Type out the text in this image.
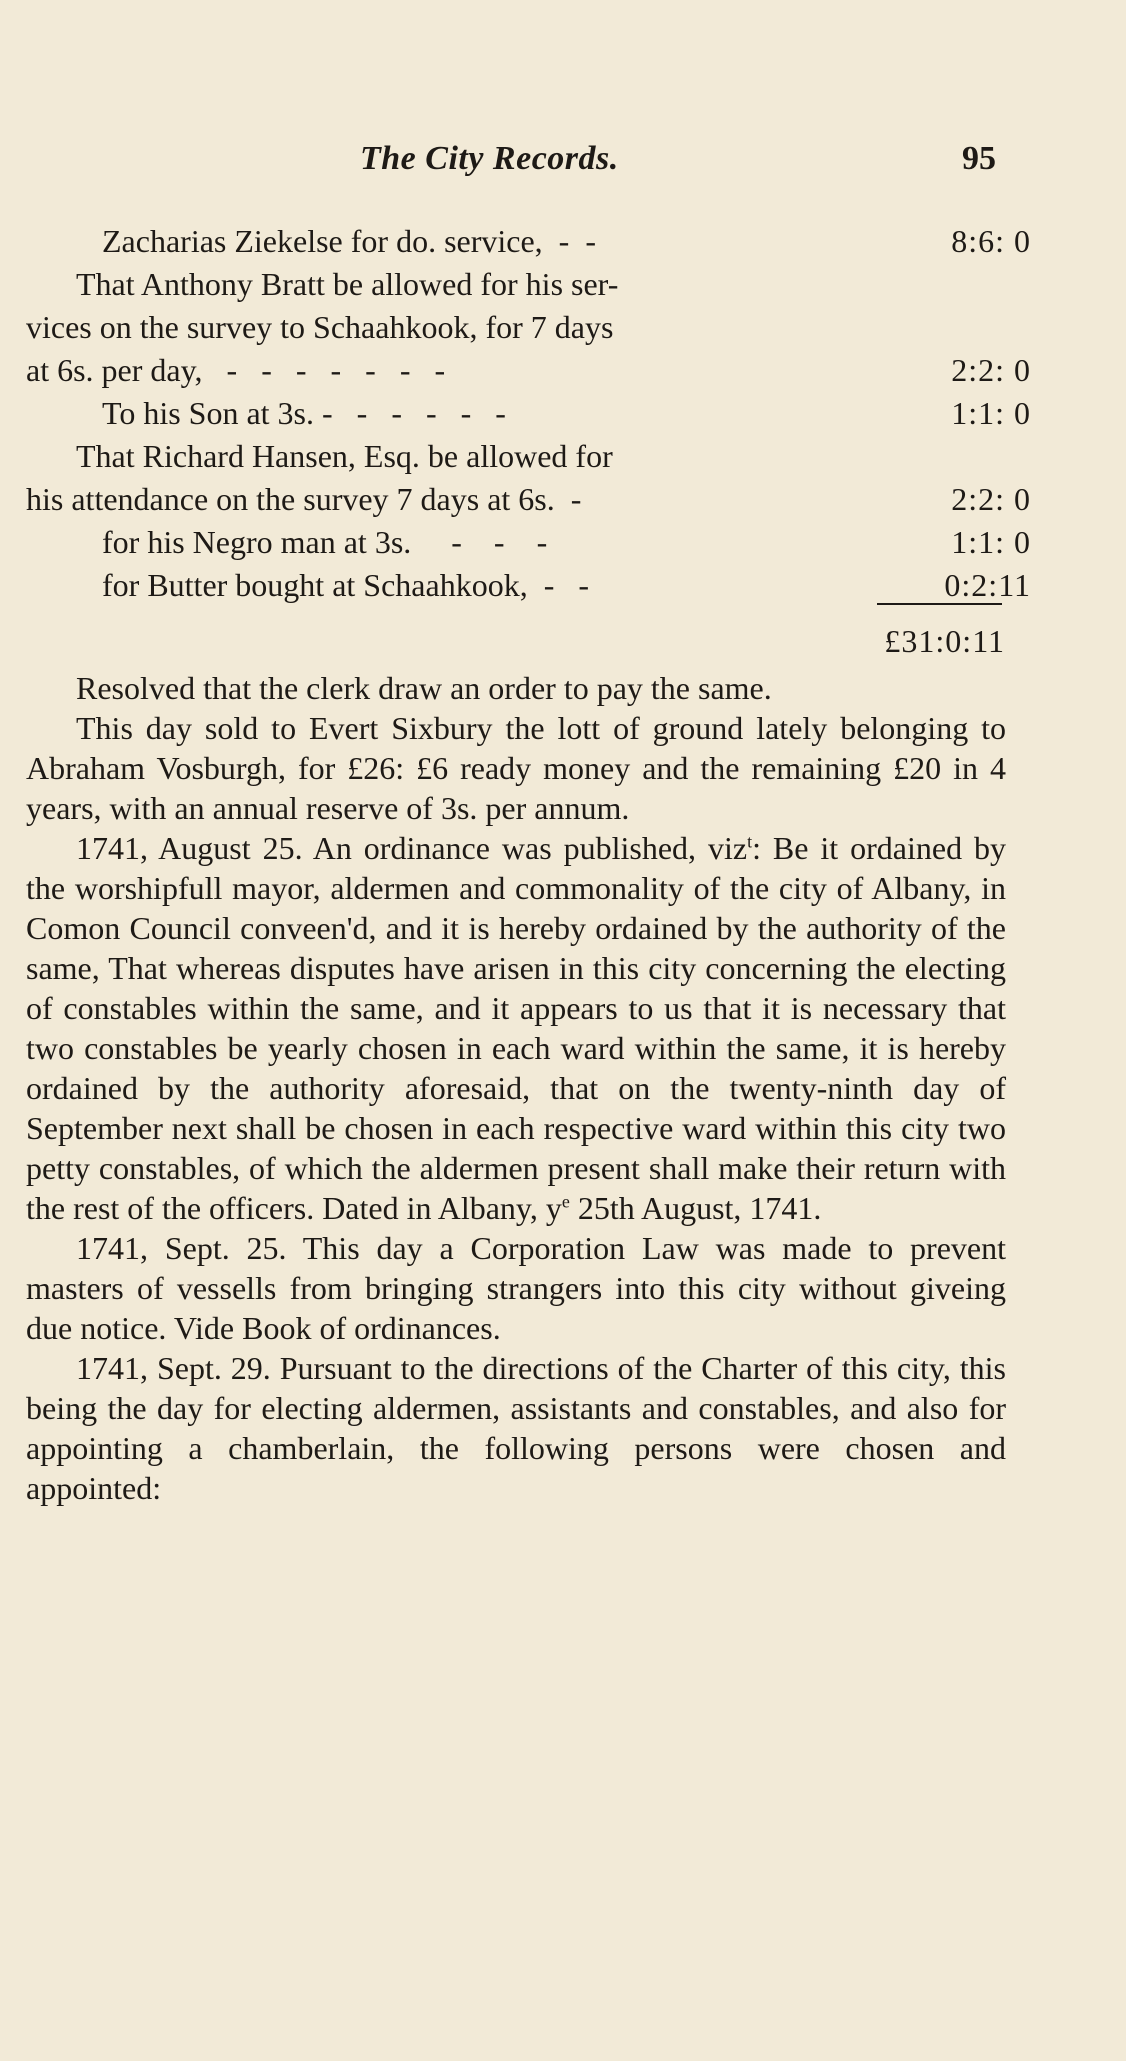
The City Records.	95
Zacharias Ziekelse for do. service,  -  -	8:6: 0
That Anthony Bratt be allowed for his ser-
vices on the survey to Schaahkook, for 7 days
at 6s. per day,   -   -   -   -   -   -   -	2:2: 0
To his Son at 3s. -   -   -   -   -   -	1:1: 0
That Richard Hansen, Esq. be allowed for
his attendance on the survey 7 days at 6s.  -	2:2: 0
for his Negro man at 3s.     -    -    -	1:1: 0
for Butter bought at Schaahkook,  -   -	0:2:11
£31:0:11

Resolved that the clerk draw an order to pay the same.

This day sold to Evert Sixbury the lott of ground lately belonging to Abraham Vosburgh, for £26: £6 ready money and the remaining £20 in 4 years, with an annual reserve of 3s. per annum.

1741, August 25. An ordinance was published, viz$^t$: Be it ordained by the worshipfull mayor, aldermen and commonality of the city of Albany, in Comon Council conveen'd, and it is hereby ordained by the authority of the same, That whereas disputes have arisen in this city concerning the electing of constables within the same, and it appears to us that it is necessary that two constables be yearly chosen in each ward within the same, it is hereby ordained by the authority aforesaid, that on the twenty-ninth day of September next shall be chosen in each respective ward within this city two petty constables, of which the aldermen present shall make their return with the rest of the officers. Dated in Albany, $y^e$ 25th August, 1741.

1741, Sept. 25. This day a Corporation Law was made to prevent masters of vessells from bringing strangers into this city without giveing due notice. Vide Book of ordinances.

1741, Sept. 29. Pursuant to the directions of the Charter of this city, this being the day for electing aldermen, assistants and constables, and also for appointing a chamberlain, the following persons were chosen and appointed:
